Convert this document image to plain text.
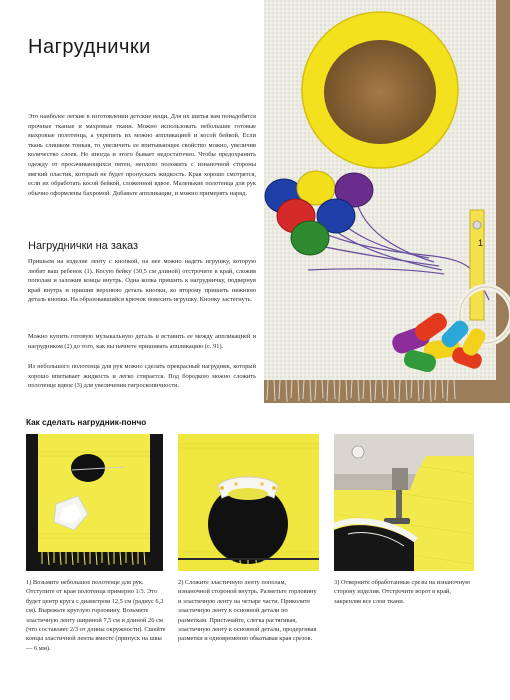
Нагруднички
Это наиболее легкие в изготовлении детские вещи. Для их шитья вам понадобятся прочные тканые и махровые ткани. Можно использовать небольшие готовые махровые полотенца, а укрепить их можно аппликацией и косой бейкой. Если ткань слишком тонкая, то увеличить ее впитывающее свойство можно, увеличив количество слоев. Но иногда и этого бывает недостаточно. Чтобы предохранить одежду от просачивающихся пятен, неплохо положить с изнаночной стороны мягкий пластик, который не будет пропускать жидкость. Края хорошо смотрятся, если их обработать косой бейкой, сложенной вдвое. Маленькие полотенца для рук обычно оформлены бахромой. Добавьте аппликации, и можно примерять наряд.
Нагруднички на заказ
Пришьем на изделие ленту с кнопкой, на нее можно надеть игрушку, которую любит ваш ребенок (1). Косую бейку (30,5 см длиной) отстрочите в край, сложив пополам и заложив концы внутрь. Одна копка пришить к нагрудничку, подвернув край внутрь и пришив верхнюю деталь кнопки, ко второму пришить нижнюю деталь кнопки. На образовавшийся крючок повесить игрушку. Кнопку застегнуть.
Можно купить готовую музыкальную деталь и вставить ее между аппликацией и нагрудником (2) до того, как вы начнете пришивать аппликацию (с. 91).
Из небольшого полотенца для рук можно сделать прекрасный нагрудник, который хорошо впитывает жидкость и легко стирается. Под бородкою можно сложить полотенце вдвое (3) для увеличения гигроскопичности.
1
Как сделать нагрудник-пончо
1) Возьмите небольшое полотенце для рук. Отступите от края полотенца примерно 1/3. Это будет центр круга с диаметром 12,5 см (радиус 6,2 см). Вырежьте круглую горловину. Возьмите эластичную ленту шириной 7,5 см и длиной 26 см (что составляет 2/3 от длины окружности). Сшейте концы эластичной ленты вместе (припуск на швы — 6 мм).
2) Сложите эластичную ленту пополам, изнаночной стороной внутрь. Разметьте горловину и эластичную ленту на четыре части. Приколите эластичную ленту к основной детали по разметкам. Пристачайте, слегка растягивая, эластичную ленту к основной детали, продергивая разметки и одновременно обкатывая края срезов.
3) Отверните обработанные срезы на изнаночную сторону изделия. Отстрочите ворот в край, закрепляя все слои ткани.
